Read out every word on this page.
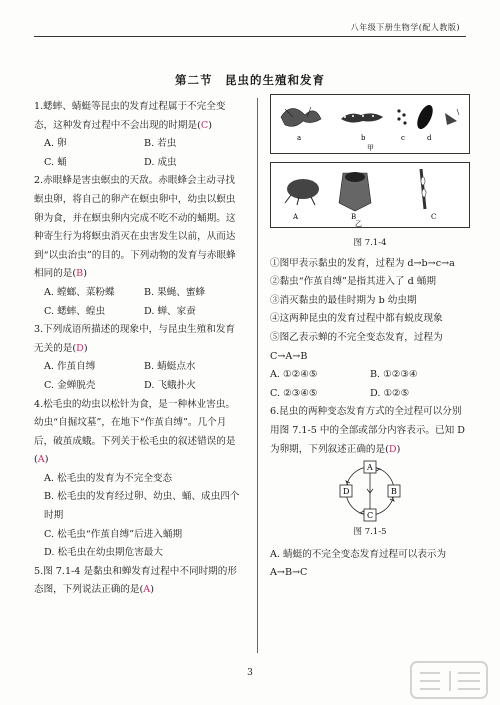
八年级下册生物学(配人教版)
第二节　昆虫的生殖和发育

1.蟋蟀、蜻蜓等昆虫的发育过程属于不完全变态，这种发育过程中不会出现的时期是(C)

A. 卵	B. 若虫
C. 蛹	D. 成虫

2.赤眼蜂是害虫螟虫的天敌。赤眼蜂会主动寻找螟虫卵，将自己的卵产在螟虫卵中，幼虫以螟虫卵为食，并在螟虫卵内完成不吃不动的蛹期。这种寄生行为将螟虫消灭在虫害发生以前，从而达到“以虫治虫”的目的。下列动物的发育与赤眼蜂相同的是(B)

A. 螳螂、菜粉蝶	B. 果蝇、蜜蜂
C. 蟋蟀、蝗虫	D. 蝉、家蚕

3.下列成语所描述的现象中，与昆虫生殖和发育无关的是(D)

A. 作茧自缚	B. 蜻蜓点水
C. 金蝉脱壳	D. 飞蛾扑火

4.松毛虫的幼虫以松针为食，是一种林业害虫。幼虫“自掘坟墓”，在地下“作茧自缚”。几个月后，破茧成蛾。下列关于松毛虫的叙述错误的是(A)

A. 松毛虫的发育为不完全变态
B. 松毛虫的发育经过卵、幼虫、蛹、成虫四个时期
C. 松毛虫“作茧自缚”后进入蛹期
D. 松毛虫在幼虫期危害最大

5.图 7.1-4 是黏虫和蝉发育过程中不同时期的形态图，下列说法正确的是(A)

a	b	c	d
甲
A	B	C
乙
图 7.1-4
①图甲表示黏虫的发育，过程为 d→b→c→a
②黏虫“作茧自缚”是指其进入了 d 蛹期
③消灭黏虫的最佳时期为 b 幼虫期
④这两种昆虫的发育过程中都有蜕皮现象
⑤图乙表示蝉的不完全变态发育，过程为 C→A→B
A. ①②④⑤	B. ①②③④
C. ②③④⑤	D. ①②⑤

6.昆虫的两种变态发育方式的全过程可以分别用图 7.1-5 中的全部或部分内容表示。已知 D 为卵期，下列叙述正确的是(D)

A
B
C
D
图 7.1-5
A. 蜻蜓的不完全变态发育过程可以表示为 A→B→C
3
